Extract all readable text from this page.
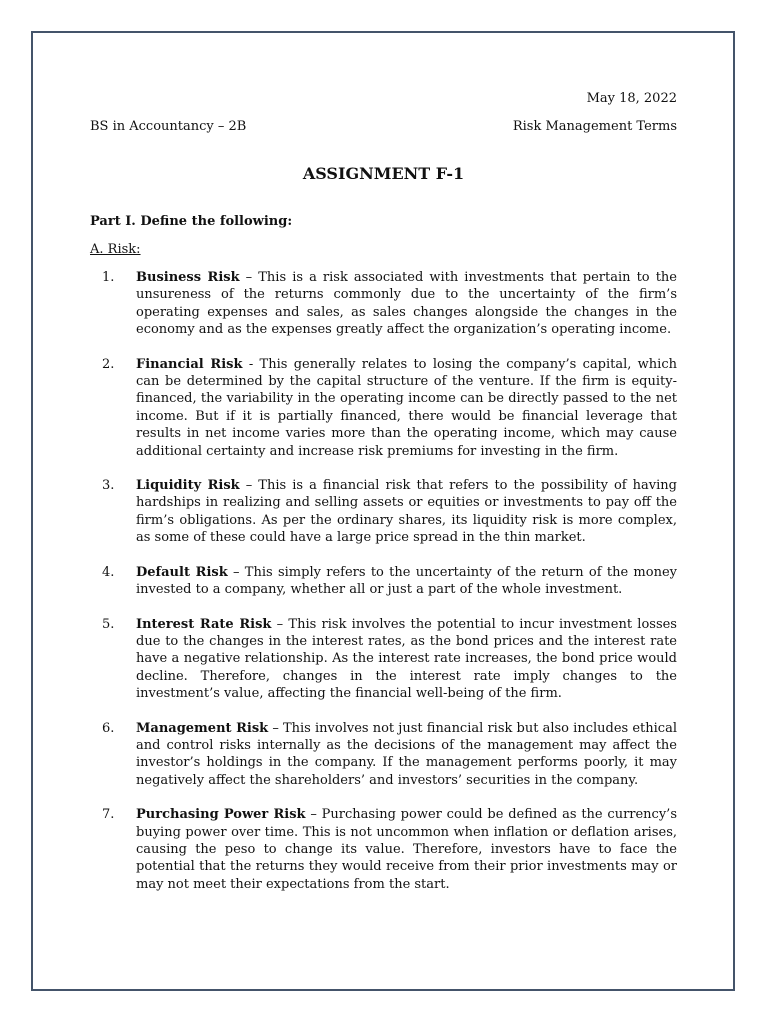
May 18, 2022
BS in Accountancy – 2B	Risk Management Terms
ASSIGNMENT F-1
Part I. Define the following:
A. Risk:
1.	Business Risk – This is a risk associated with investments that pertain to the unsureness of the returns commonly due to the uncertainty of the firm’s operating expenses and sales, as sales changes alongside the changes in the economy and as the expenses greatly affect the organization’s operating income.
2.	Financial Risk - This generally relates to losing the company’s capital, which can be determined by the capital structure of the venture. If the firm is equity-financed, the variability in the operating income can be directly passed to the net income. But if it is partially financed, there would be financial leverage that results in net income varies more than the operating income, which may cause additional certainty and increase risk premiums for investing in the firm.
3.	Liquidity Risk – This is a financial risk that refers to the possibility of having hardships in realizing and selling assets or equities or investments to pay off the firm’s obligations. As per the ordinary shares, its liquidity risk is more complex, as some of these could have a large price spread in the thin market.
4.	Default Risk – This simply refers to the uncertainty of the return of the money invested to a company, whether all or just a part of the whole investment.
5.	Interest Rate Risk – This risk involves the potential to incur investment losses due to the changes in the interest rates, as the bond prices and the interest rate have a negative relationship. As the interest rate increases, the bond price would decline. Therefore, changes in the interest rate imply changes to the investment’s value, affecting the financial well-being of the firm.
6.	Management Risk – This involves not just financial risk but also includes ethical and control risks internally as the decisions of the management may affect the investor’s holdings in the company. If the management performs poorly, it may negatively affect the shareholders’ and investors’ securities in the company.
7.	Purchasing Power Risk – Purchasing power could be defined as the currency’s buying power over time. This is not uncommon when inflation or deflation arises, causing the peso to change its value. Therefore, investors have to face the potential that the returns they would receive from their prior investments may or may not meet their expectations from the start.
